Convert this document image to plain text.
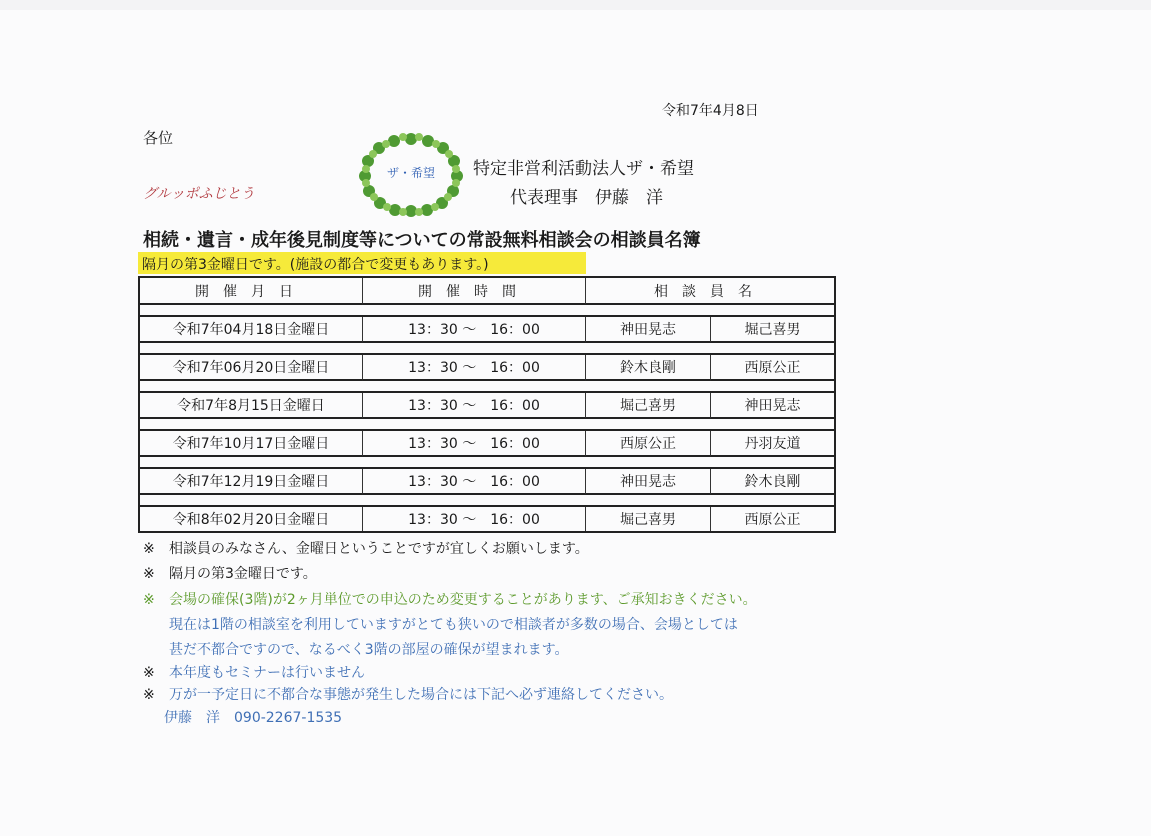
令和7年4月8日
各位
グルッポふじとう
ザ・希望 特定非営利活動法人ザ・希望
代表理事　伊藤　洋
相続・遺言・成年後見制度等についての常設無料相談会の相談員名簿
隔月の第3金曜日です。(施設の都合で変更もあります。)
開催月日	開催時間	相談員名	

令和7年04月18日金曜日	13：30 ～　16：00	神田晃志	堀己喜男

令和7年06月20日金曜日	13：30 ～　16：00	鈴木良剛	西原公正

令和7年8月15日金曜日	13：30 ～　16：00	堀己喜男	神田晃志

令和7年10月17日金曜日	13：30 ～　16：00	西原公正	丹羽友道

令和7年12月19日金曜日	13：30 ～　16：00	神田晃志	鈴木良剛

令和8年02月20日金曜日	13：30 ～　16：00	堀己喜男	西原公正
※ 相談員のみなさん、金曜日ということですが宜しくお願いします。
※ 隔月の第3金曜日です。
※ 会場の確保(3階)が2ヶ月単位での申込のため変更することがあります、ご承知おきください。
現在は1階の相談室を利用していますがとても狭いので相談者が多数の場合、会場としては
甚だ不都合ですので、なるべく3階の部屋の確保が望まれます。
※ 本年度もセミナーは行いません
※ 万が一予定日に不都合な事態が発生した場合には下記へ必ず連絡してください。
伊藤　洋　090-2267-1535
